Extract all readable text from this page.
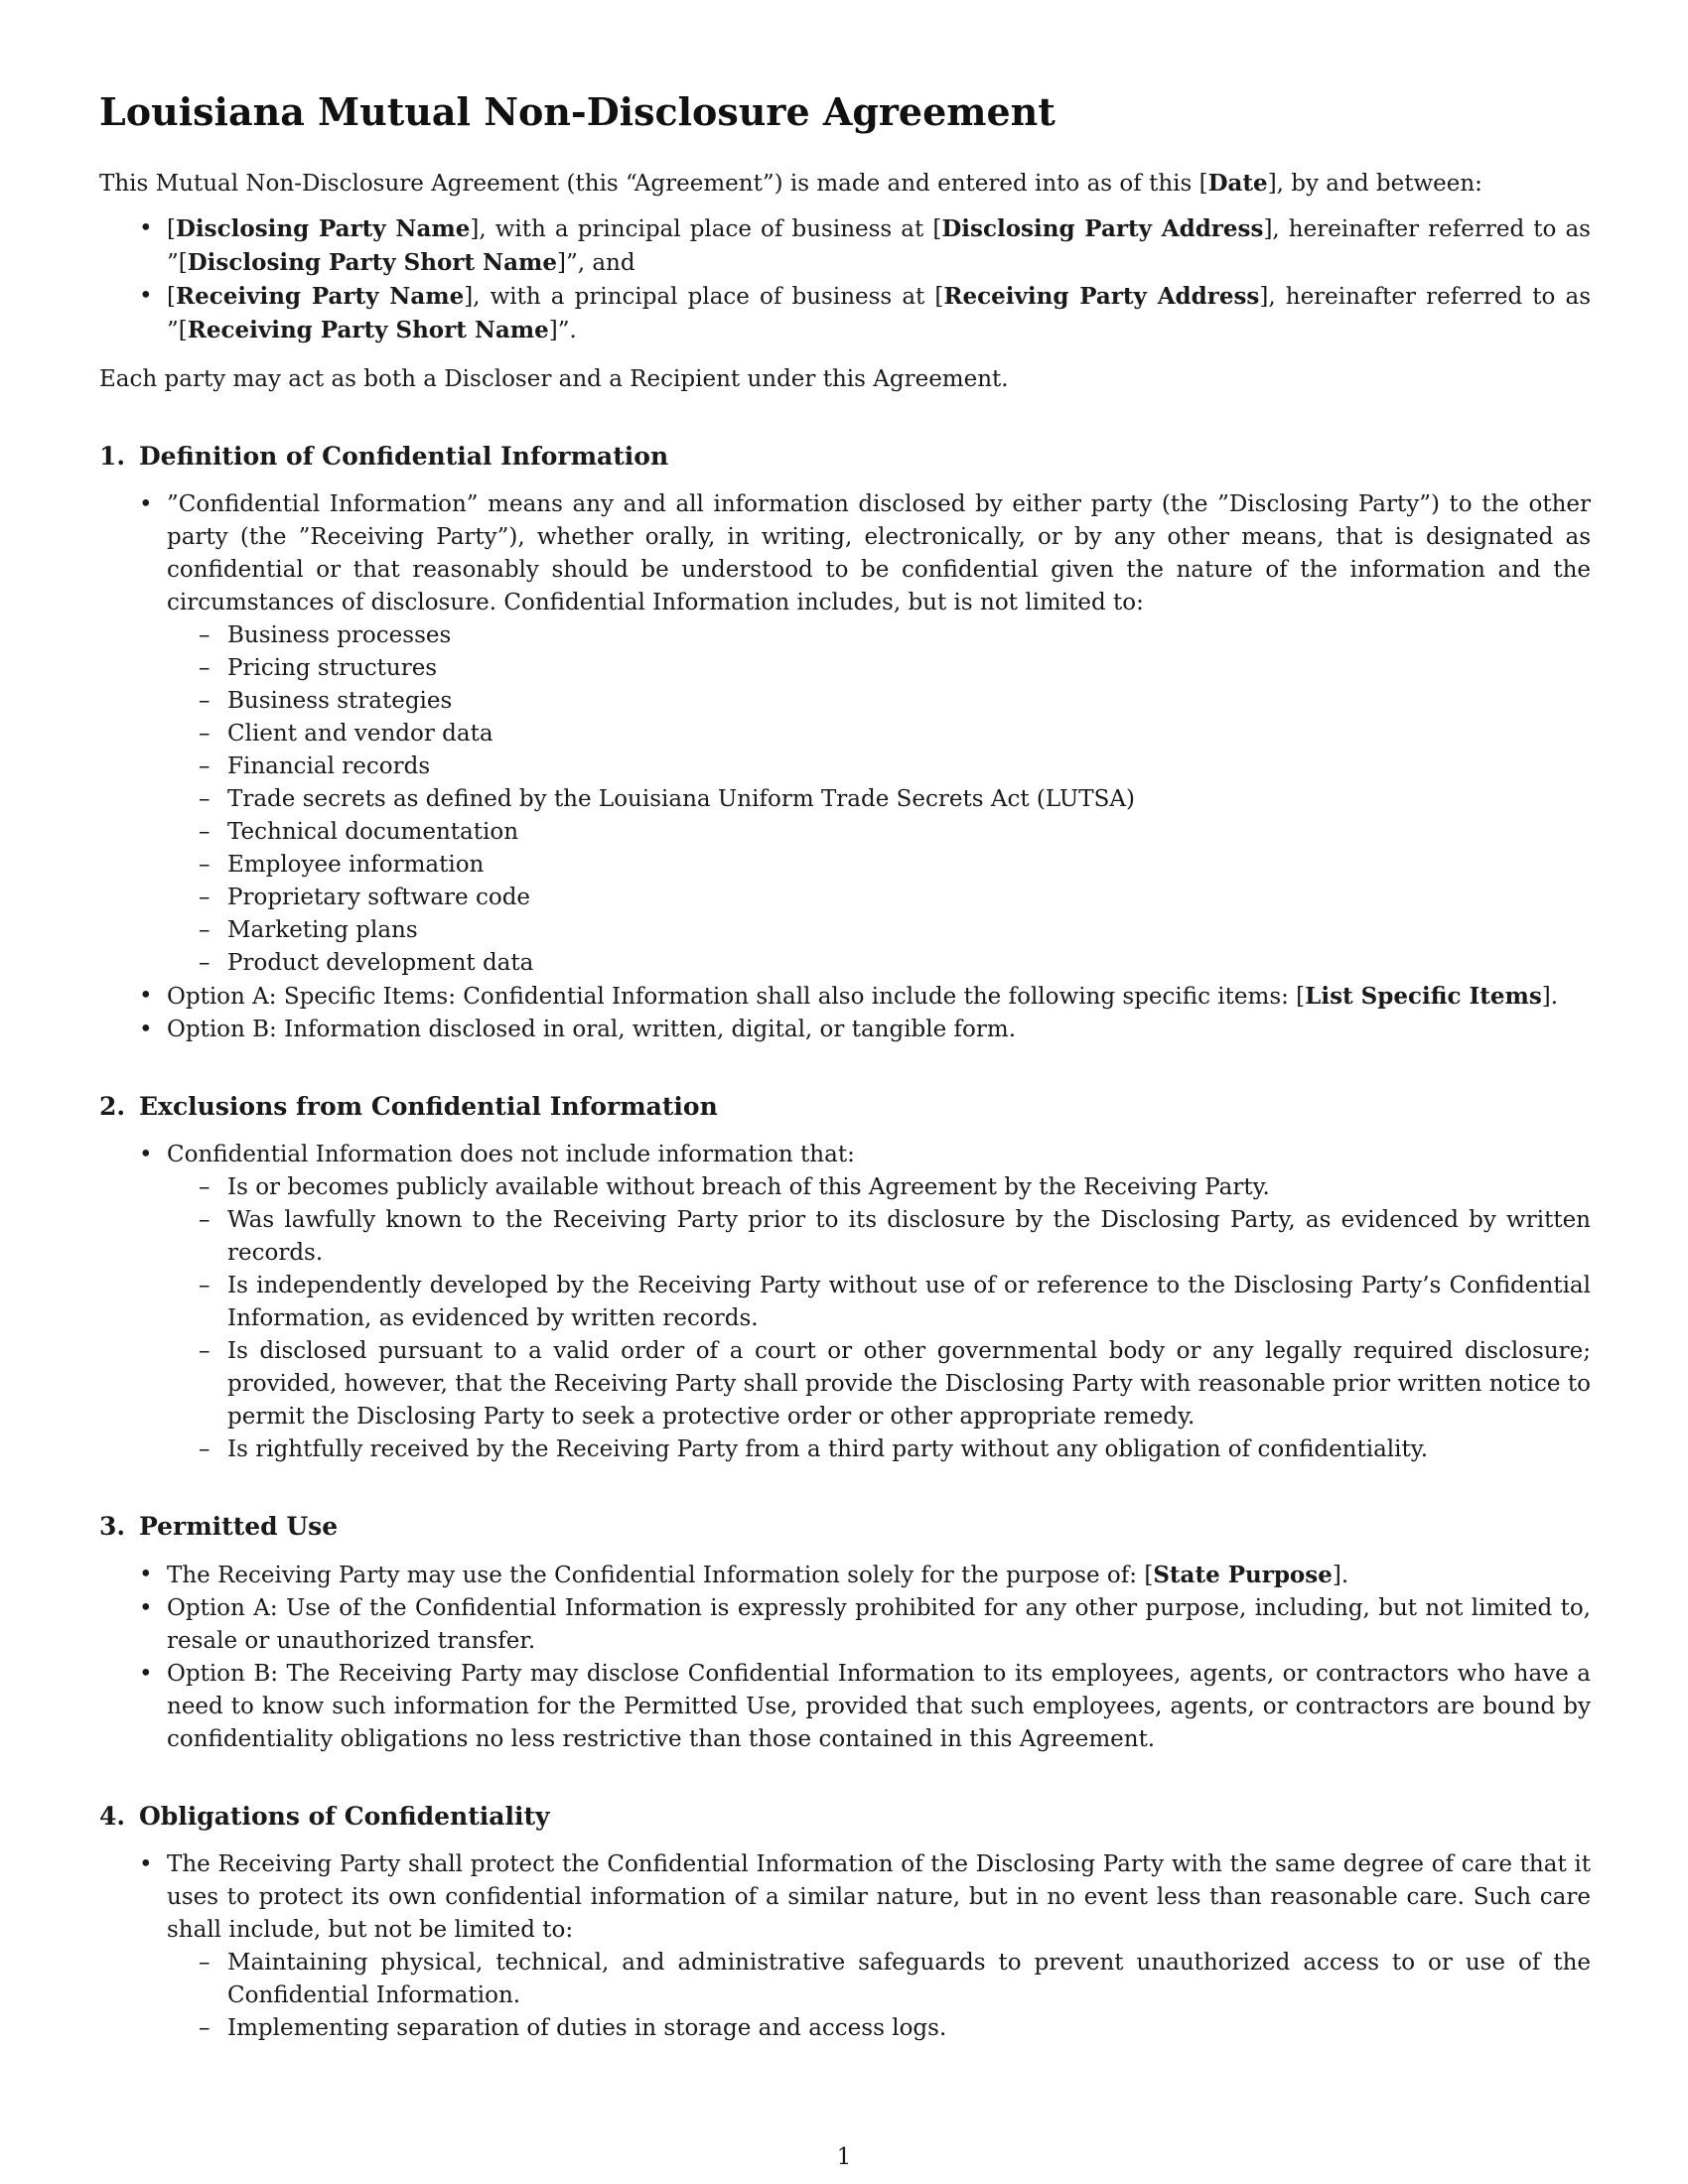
Louisiana Mutual Non-Disclosure Agreement

This Mutual Non-Disclosure Agreement (this “Agreement”) is made and entered into as of this [Date], by and between:

• [Disclosing Party Name], with a principal place of business at [Disclosing Party Address], hereinafter referred to as ”[Disclosing Party Short Name]”, and
• [Receiving Party Name], with a principal place of business at [Receiving Party Address], hereinafter referred to as ”[Receiving Party Short Name]”.

Each party may act as both a Discloser and a Recipient under this Agreement.

1. Definition of Confidential Information
• ”Confidential Information” means any and all information disclosed by either party (the ”Disclosing Party”) to the other party (the ”Receiving Party”), whether orally, in writing, electronically, or by any other means, that is designated as confidential or that reasonably should be understood to be confidential given the nature of the information and the circumstances of disclosure. Confidential Information includes, but is not limited to:
– Business processes
– Pricing structures
– Business strategies
– Client and vendor data
– Financial records
– Trade secrets as defined by the Louisiana Uniform Trade Secrets Act (LUTSA)
– Technical documentation
– Employee information
– Proprietary software code
– Marketing plans
– Product development data
• Option A: Specific Items: Confidential Information shall also include the following specific items: [List Specific Items].
• Option B: Information disclosed in oral, written, digital, or tangible form.
2. Exclusions from Confidential Information
• Confidential Information does not include information that:
– Is or becomes publicly available without breach of this Agreement by the Receiving Party.
– Was lawfully known to the Receiving Party prior to its disclosure by the Disclosing Party, as evidenced by written records.
– Is independently developed by the Receiving Party without use of or reference to the Disclosing Party’s Confidential Information, as evidenced by written records.
– Is disclosed pursuant to a valid order of a court or other governmental body or any legally required disclosure; provided, however, that the Receiving Party shall provide the Disclosing Party with reasonable prior written notice to permit the Disclosing Party to seek a protective order or other appropriate remedy.
– Is rightfully received by the Receiving Party from a third party without any obligation of confidentiality.
3. Permitted Use
• The Receiving Party may use the Confidential Information solely for the purpose of: [State Purpose].
• Option A: Use of the Confidential Information is expressly prohibited for any other purpose, including, but not limited to, resale or unauthorized transfer.
• Option B: The Receiving Party may disclose Confidential Information to its employees, agents, or contractors who have a need to know such information for the Permitted Use, provided that such employees, agents, or contractors are bound by confidentiality obligations no less restrictive than those contained in this Agreement.
4. Obligations of Confidentiality
• The Receiving Party shall protect the Confidential Information of the Disclosing Party with the same degree of care that it uses to protect its own confidential information of a similar nature, but in no event less than reasonable care. Such care shall include, but not be limited to:
– Maintaining physical, technical, and administrative safeguards to prevent unauthorized access to or use of the Confidential Information.
– Implementing separation of duties in storage and access logs.
1
